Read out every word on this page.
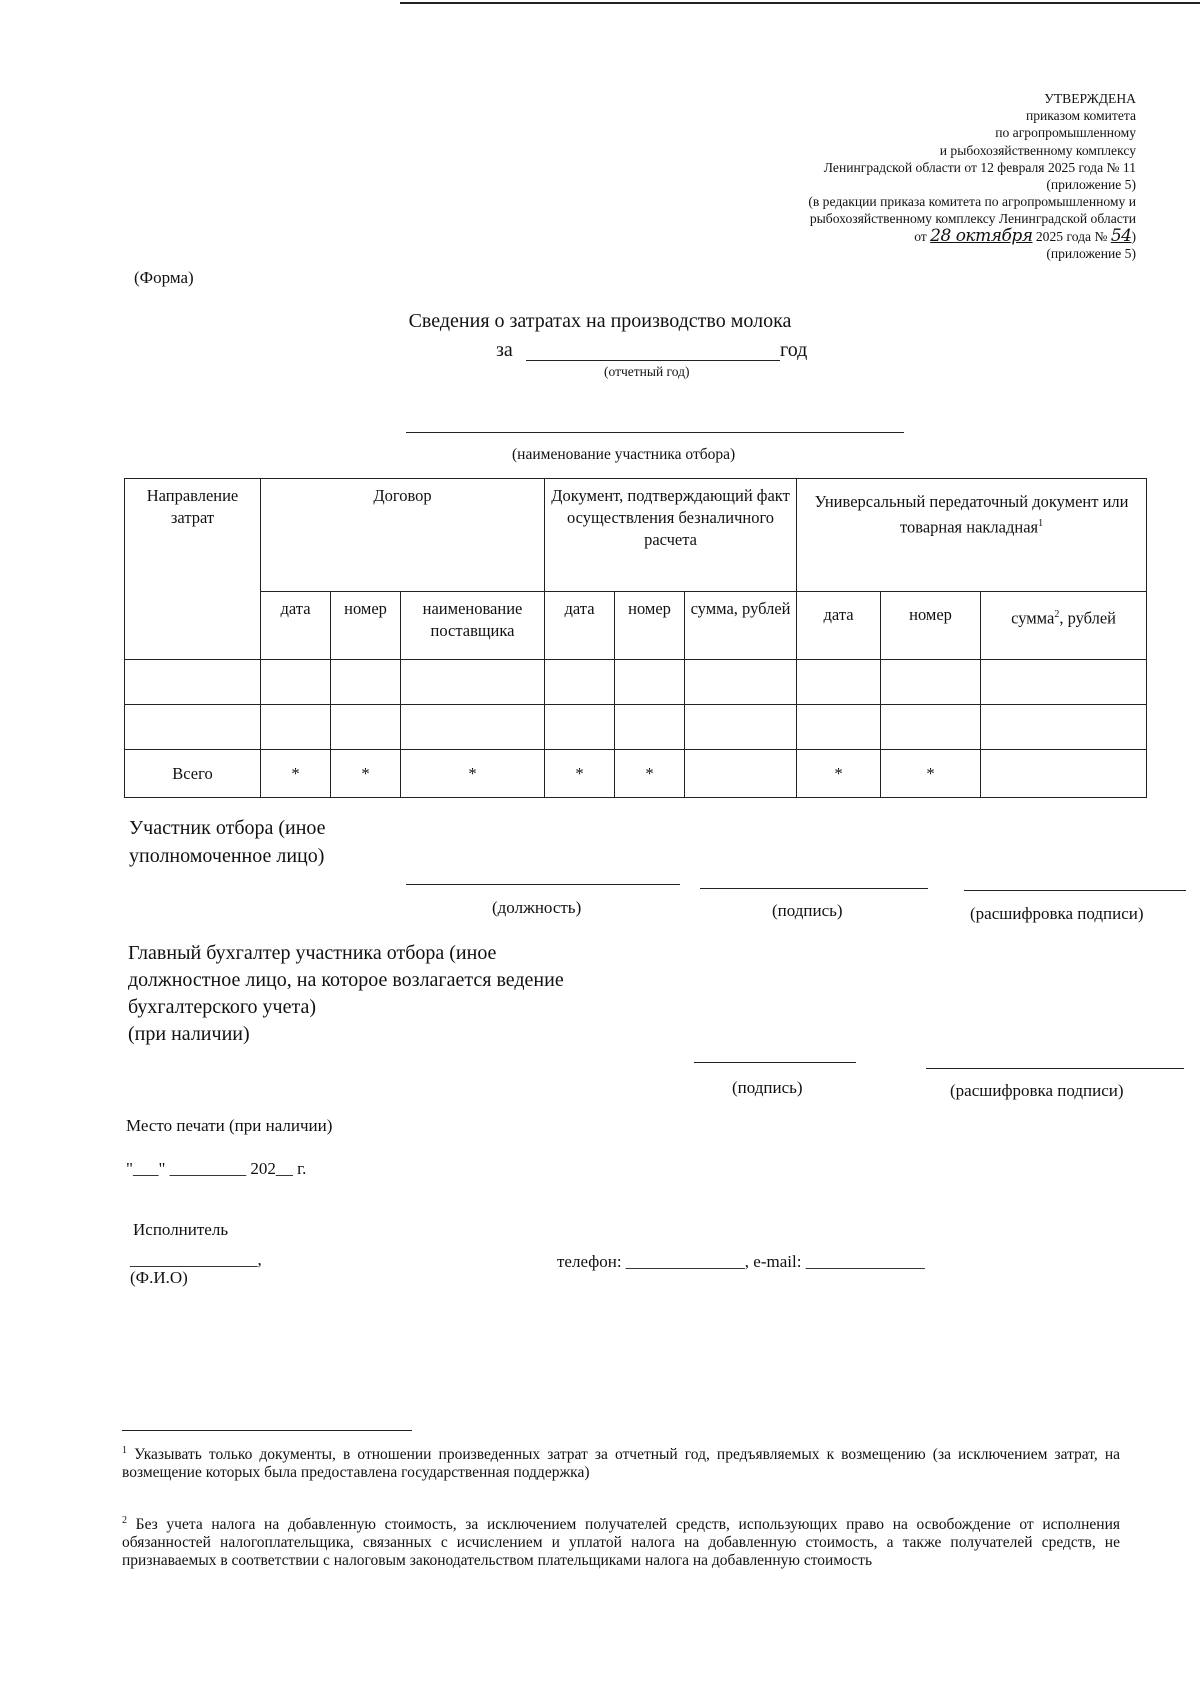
УТВЕРЖДЕНА
приказом комитета
по агропромышленному
и рыбохозяйственному комплексу
Ленинградской области от 12 февраля 2025 года № 11
(приложение 5)
(в редакции приказа комитета по агропромышленному и
рыбохозяйственному комплексу Ленинградской области
от 28 октября 2025 года № 54)
(приложение 5)
(Форма)
Сведения о затратах на производство молока
за	год
(отчетный год)
(наименование участника отбора)
Направление затрат	Договор			Документ, подтверждающий факт осуществления безналичного расчета			Универсальный передаточный документ или товарная накладная$^1$
	дата	номер	наименование поставщика	дата	номер	сумма, рублей	дата	номер	сумма$^2$, рублей

Всего	*	*	*	*	*		*	*	
Участник отбора (иное
уполномоченное лицо)
(должность)	(подпись)	(расшифровка подписи)
Главный бухгалтер участника отбора (иное
должностное лицо, на которое возлагается ведение
бухгалтерского учета)
(при наличии)
(подпись)	(расшифровка подписи)
Место печати (при наличии)
"___" _________ 202__ г.
Исполнитель
_______________,
(Ф.И.О)
телефон: ______________, e-mail: ______________
$^1$ Указывать только документы, в отношении произведенных затрат за отчетный год, предъявляемых к возмещению (за исключением затрат, на возмещение которых была предоставлена государственная поддержка)
$^2$ Без учета налога на добавленную стоимость, за исключением получателей средств, использующих право на освобождение от исполнения обязанностей налогоплательщика, связанных с исчислением и уплатой налога на добавленную стоимость, а также получателей средств, не признаваемых в соответствии с налоговым законодательством плательщиками налога на добавленную стоимость
